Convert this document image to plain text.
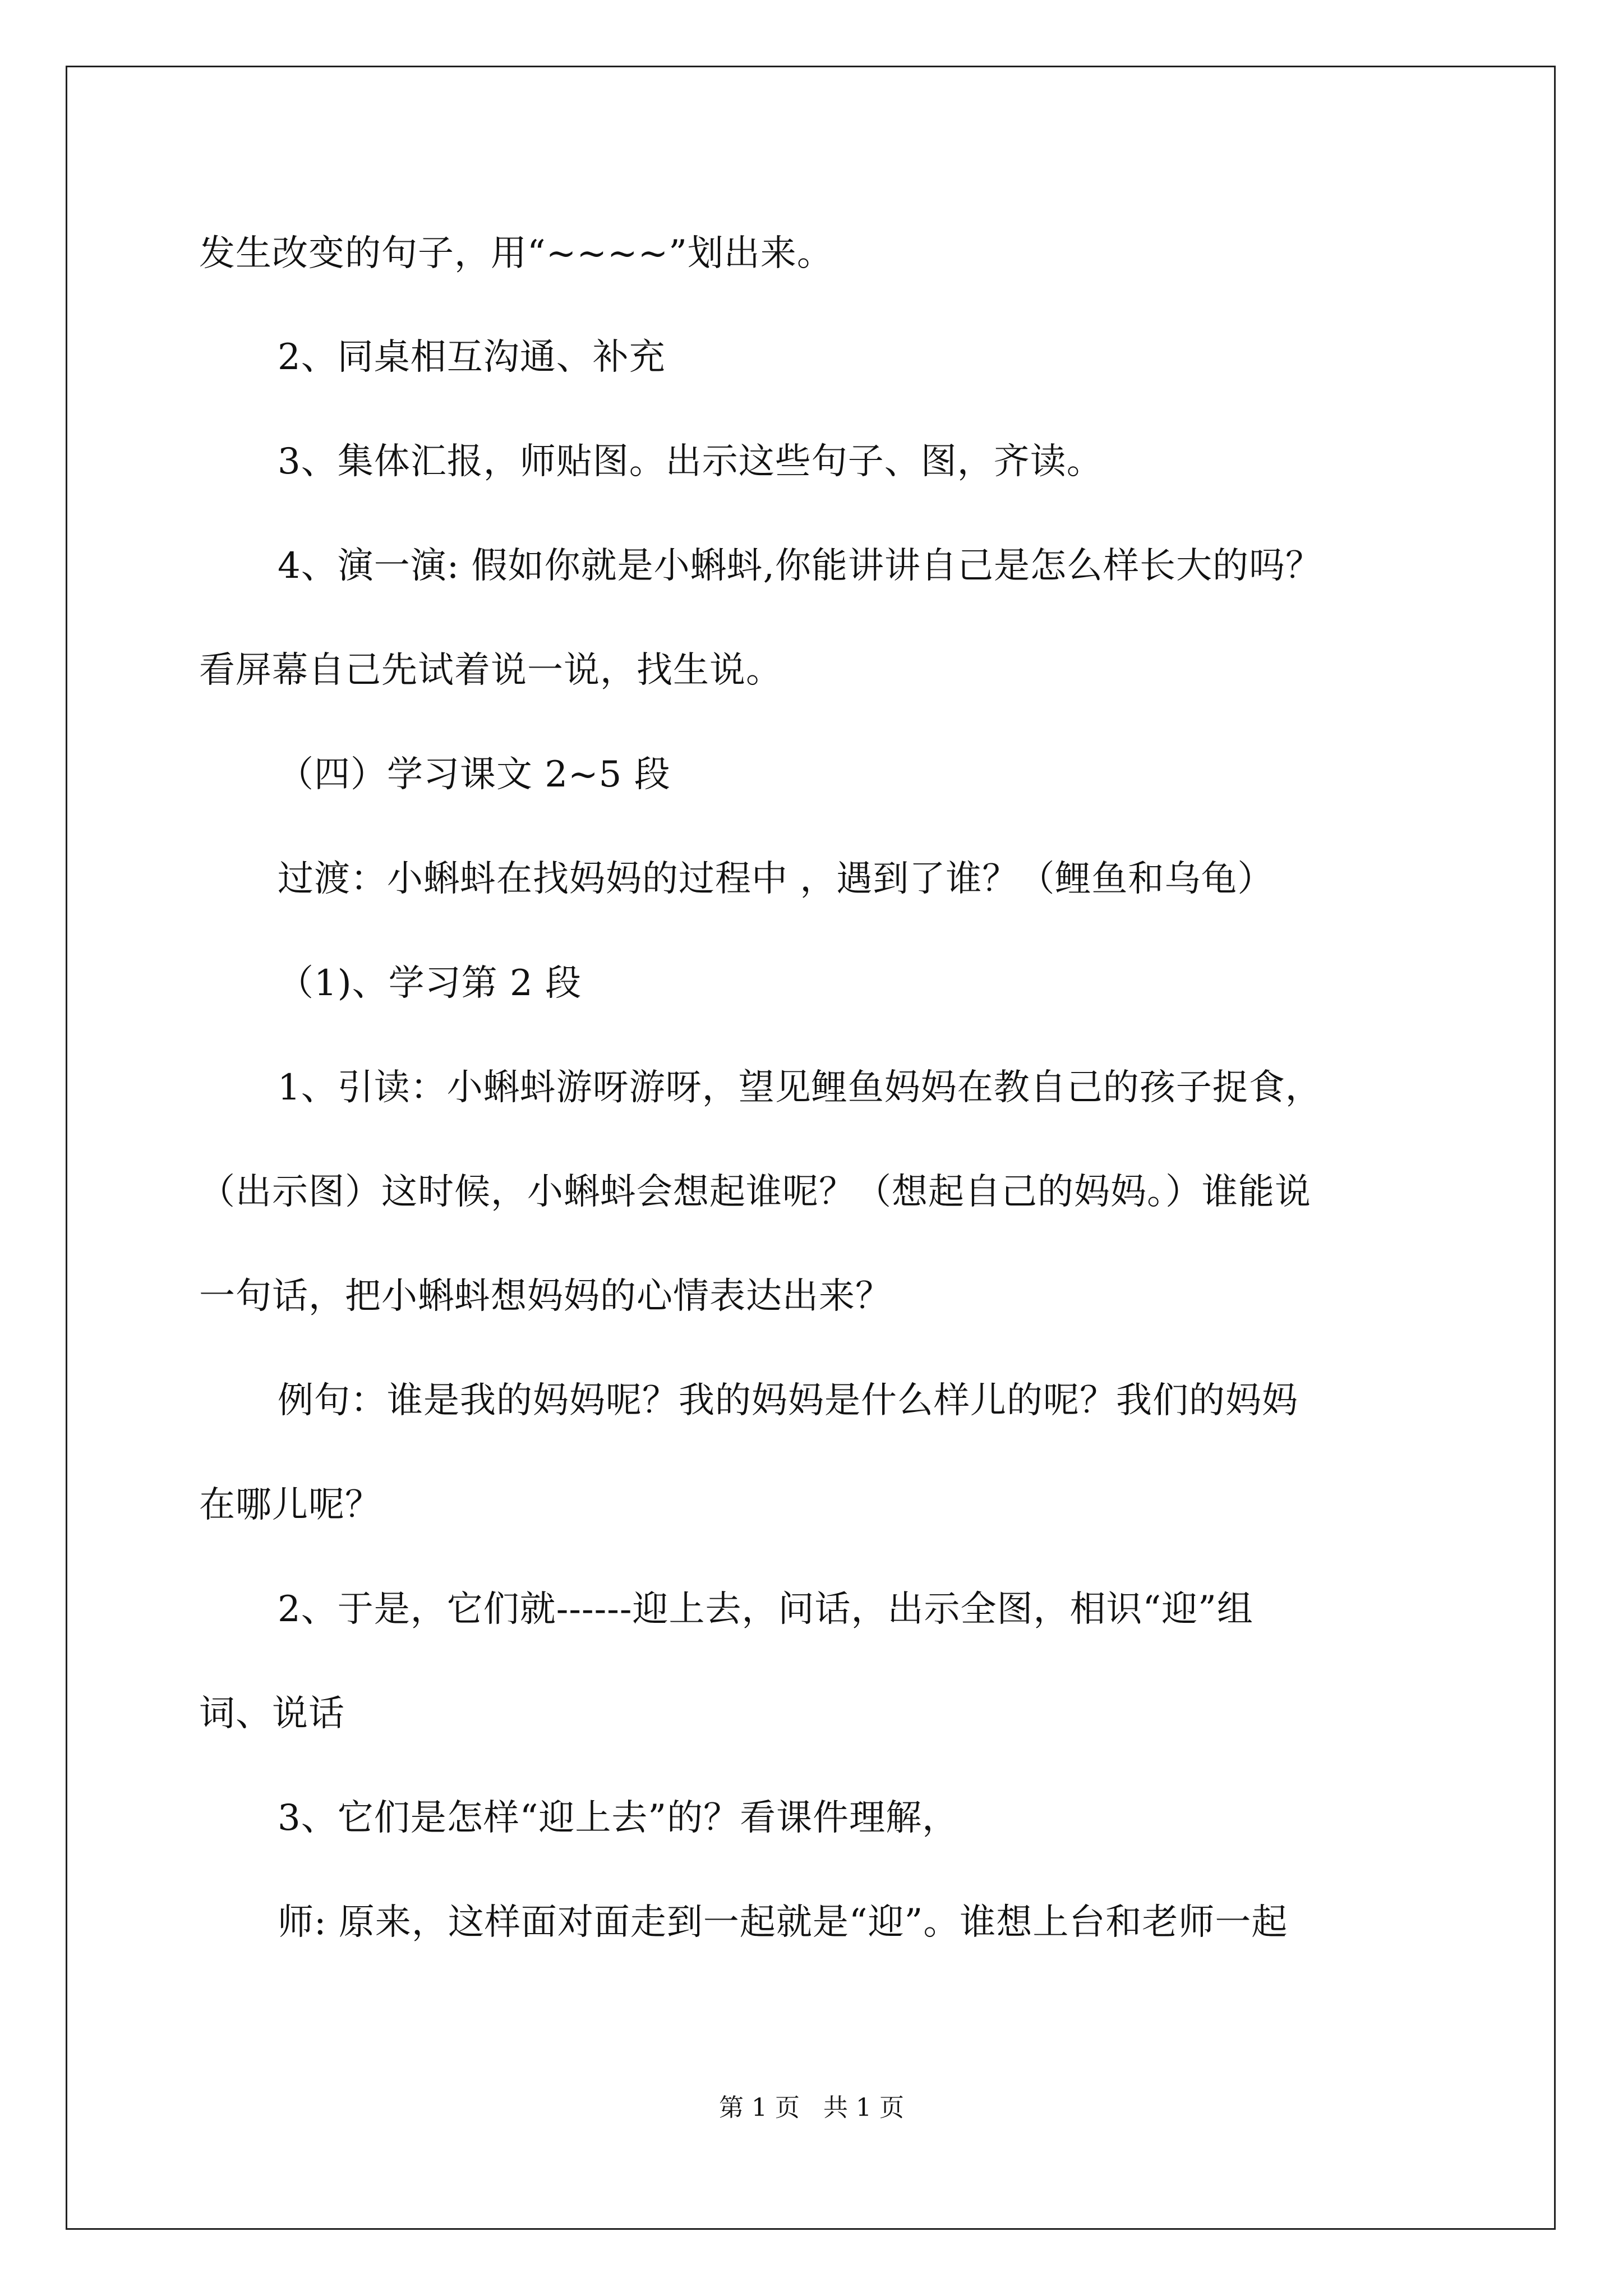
发生改变的句子，用“~~~~”划出来。
2、同桌相互沟通、补充
3、集体汇报，师贴图。出示这些句子、图，齐读。
4、演一演: 假如你就是小蝌蚪,你能讲讲自己是怎么样长大的吗？
看屏幕自己先试着说一说，找生说。
（四）学习课文 2~5 段
过渡：小蝌蚪在找妈妈的过程中 ，遇到了谁？（鲤鱼和乌龟）
（1)、学习第 2 段
1、引读：小蝌蚪游呀游呀，望见鲤鱼妈妈在教自己的孩子捉食，
（出示图）这时候，小蝌蚪会想起谁呢？（想起自己的妈妈。）谁能说
一句话，把小蝌蚪想妈妈的心情表达出来？
例句：谁是我的妈妈呢？我的妈妈是什么样儿的呢？我们的妈妈
在哪儿呢？
2、于是，它们就------迎上去，问话，出示全图，相识“迎”组
词、说话
3、它们是怎样“迎上去”的？看课件理解，
师: 原来，这样面对面走到一起就是“迎”。谁想上台和老师一起
第 1 页   共 1 页
